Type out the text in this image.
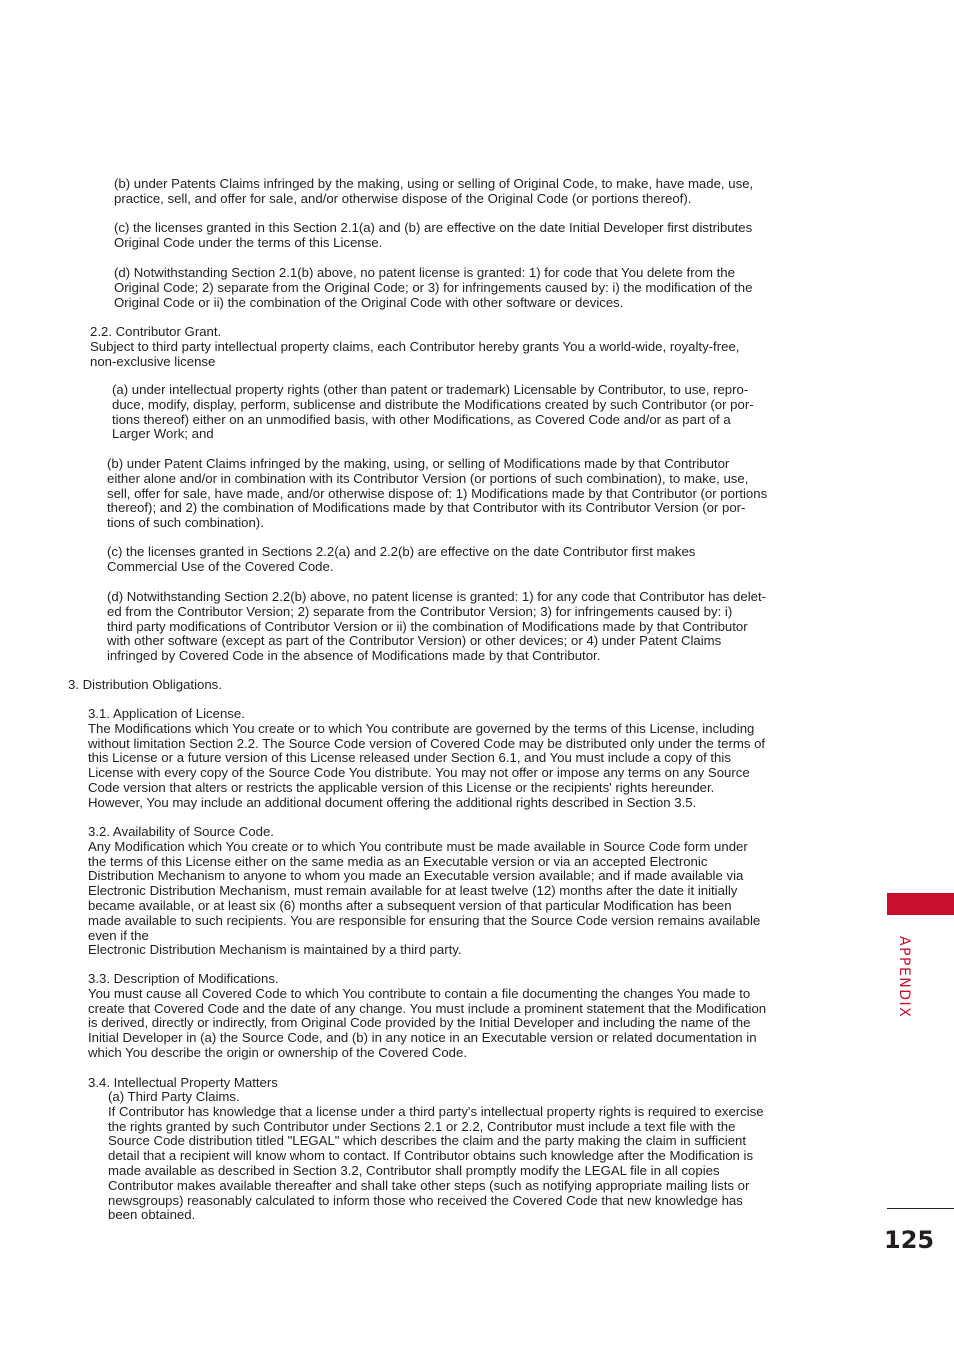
(b) under Patents Claims infringed by the making, using or selling of Original Code, to make, have made, use,
practice, sell, and offer for sale, and/or otherwise dispose of the Original Code (or portions thereof).

(c) the licenses granted in this Section 2.1(a) and (b) are effective on the date Initial Developer first distributes
Original Code under the terms of this License.

(d) Notwithstanding Section 2.1(b) above, no patent license is granted: 1) for code that You delete from the
Original Code; 2) separate from the Original Code; or 3) for infringements caused by: i) the modification of the
Original Code or ii) the combination of the Original Code with other software or devices.

2.2. Contributor Grant.
Subject to third party intellectual property claims, each Contributor hereby grants You a world-wide, royalty-free,
non-exclusive license

(a) under intellectual property rights (other than patent or trademark) Licensable by Contributor, to use, repro-
duce, modify, display, perform, sublicense and distribute the Modifications created by such Contributor (or por-
tions thereof) either on an unmodified basis, with other Modifications, as Covered Code and/or as part of a
Larger Work; and

(b) under Patent Claims infringed by the making, using, or selling of Modifications made by that Contributor
either alone and/or in combination with its Contributor Version (or portions of such combination), to make, use,
sell, offer for sale, have made, and/or otherwise dispose of: 1) Modifications made by that Contributor (or portions
thereof); and 2) the combination of Modifications made by that Contributor with its Contributor Version (or por-
tions of such combination).

(c) the licenses granted in Sections 2.2(a) and 2.2(b) are effective on the date Contributor first makes
Commercial Use of the Covered Code.

(d) Notwithstanding Section 2.2(b) above, no patent license is granted: 1) for any code that Contributor has delet-
ed from the Contributor Version; 2) separate from the Contributor Version; 3) for infringements caused by: i)
third party modifications of Contributor Version or ii) the combination of Modifications made by that Contributor
with other software (except as part of the Contributor Version) or other devices; or 4) under Patent Claims
infringed by Covered Code in the absence of Modifications made by that Contributor.

3. Distribution Obligations.

3.1. Application of License.
The Modifications which You create or to which You contribute are governed by the terms of this License, including
without limitation Section 2.2. The Source Code version of Covered Code may be distributed only under the terms of
this License or a future version of this License released under Section 6.1, and You must include a copy of this
License with every copy of the Source Code You distribute. You may not offer or impose any terms on any Source
Code version that alters or restricts the applicable version of this License or the recipients' rights hereunder.
However, You may include an additional document offering the additional rights described in Section 3.5.

3.2. Availability of Source Code.
Any Modification which You create or to which You contribute must be made available in Source Code form under
the terms of this License either on the same media as an Executable version or via an accepted Electronic
Distribution Mechanism to anyone to whom you made an Executable version available; and if made available via
Electronic Distribution Mechanism, must remain available for at least twelve (12) months after the date it initially
became available, or at least six (6) months after a subsequent version of that particular Modification has been
made available to such recipients. You are responsible for ensuring that the Source Code version remains available
even if the
Electronic Distribution Mechanism is maintained by a third party.

3.3. Description of Modifications.
You must cause all Covered Code to which You contribute to contain a file documenting the changes You made to
create that Covered Code and the date of any change. You must include a prominent statement that the Modification
is derived, directly or indirectly, from Original Code provided by the Initial Developer and including the name of the
Initial Developer in (a) the Source Code, and (b) in any notice in an Executable version or related documentation in
which You describe the origin or ownership of the Covered Code.

3.4. Intellectual Property Matters

(a) Third Party Claims.
If Contributor has knowledge that a license under a third party's intellectual property rights is required to exercise
the rights granted by such Contributor under Sections 2.1 or 2.2, Contributor must include a text file with the
Source Code distribution titled "LEGAL" which describes the claim and the party making the claim in sufficient
detail that a recipient will know whom to contact. If Contributor obtains such knowledge after the Modification is
made available as described in Section 3.2, Contributor shall promptly modify the LEGAL file in all copies
Contributor makes available thereafter and shall take other steps (such as notifying appropriate mailing lists or
newsgroups) reasonably calculated to inform those who received the Covered Code that new knowledge has
been obtained.

APPENDIX
125
